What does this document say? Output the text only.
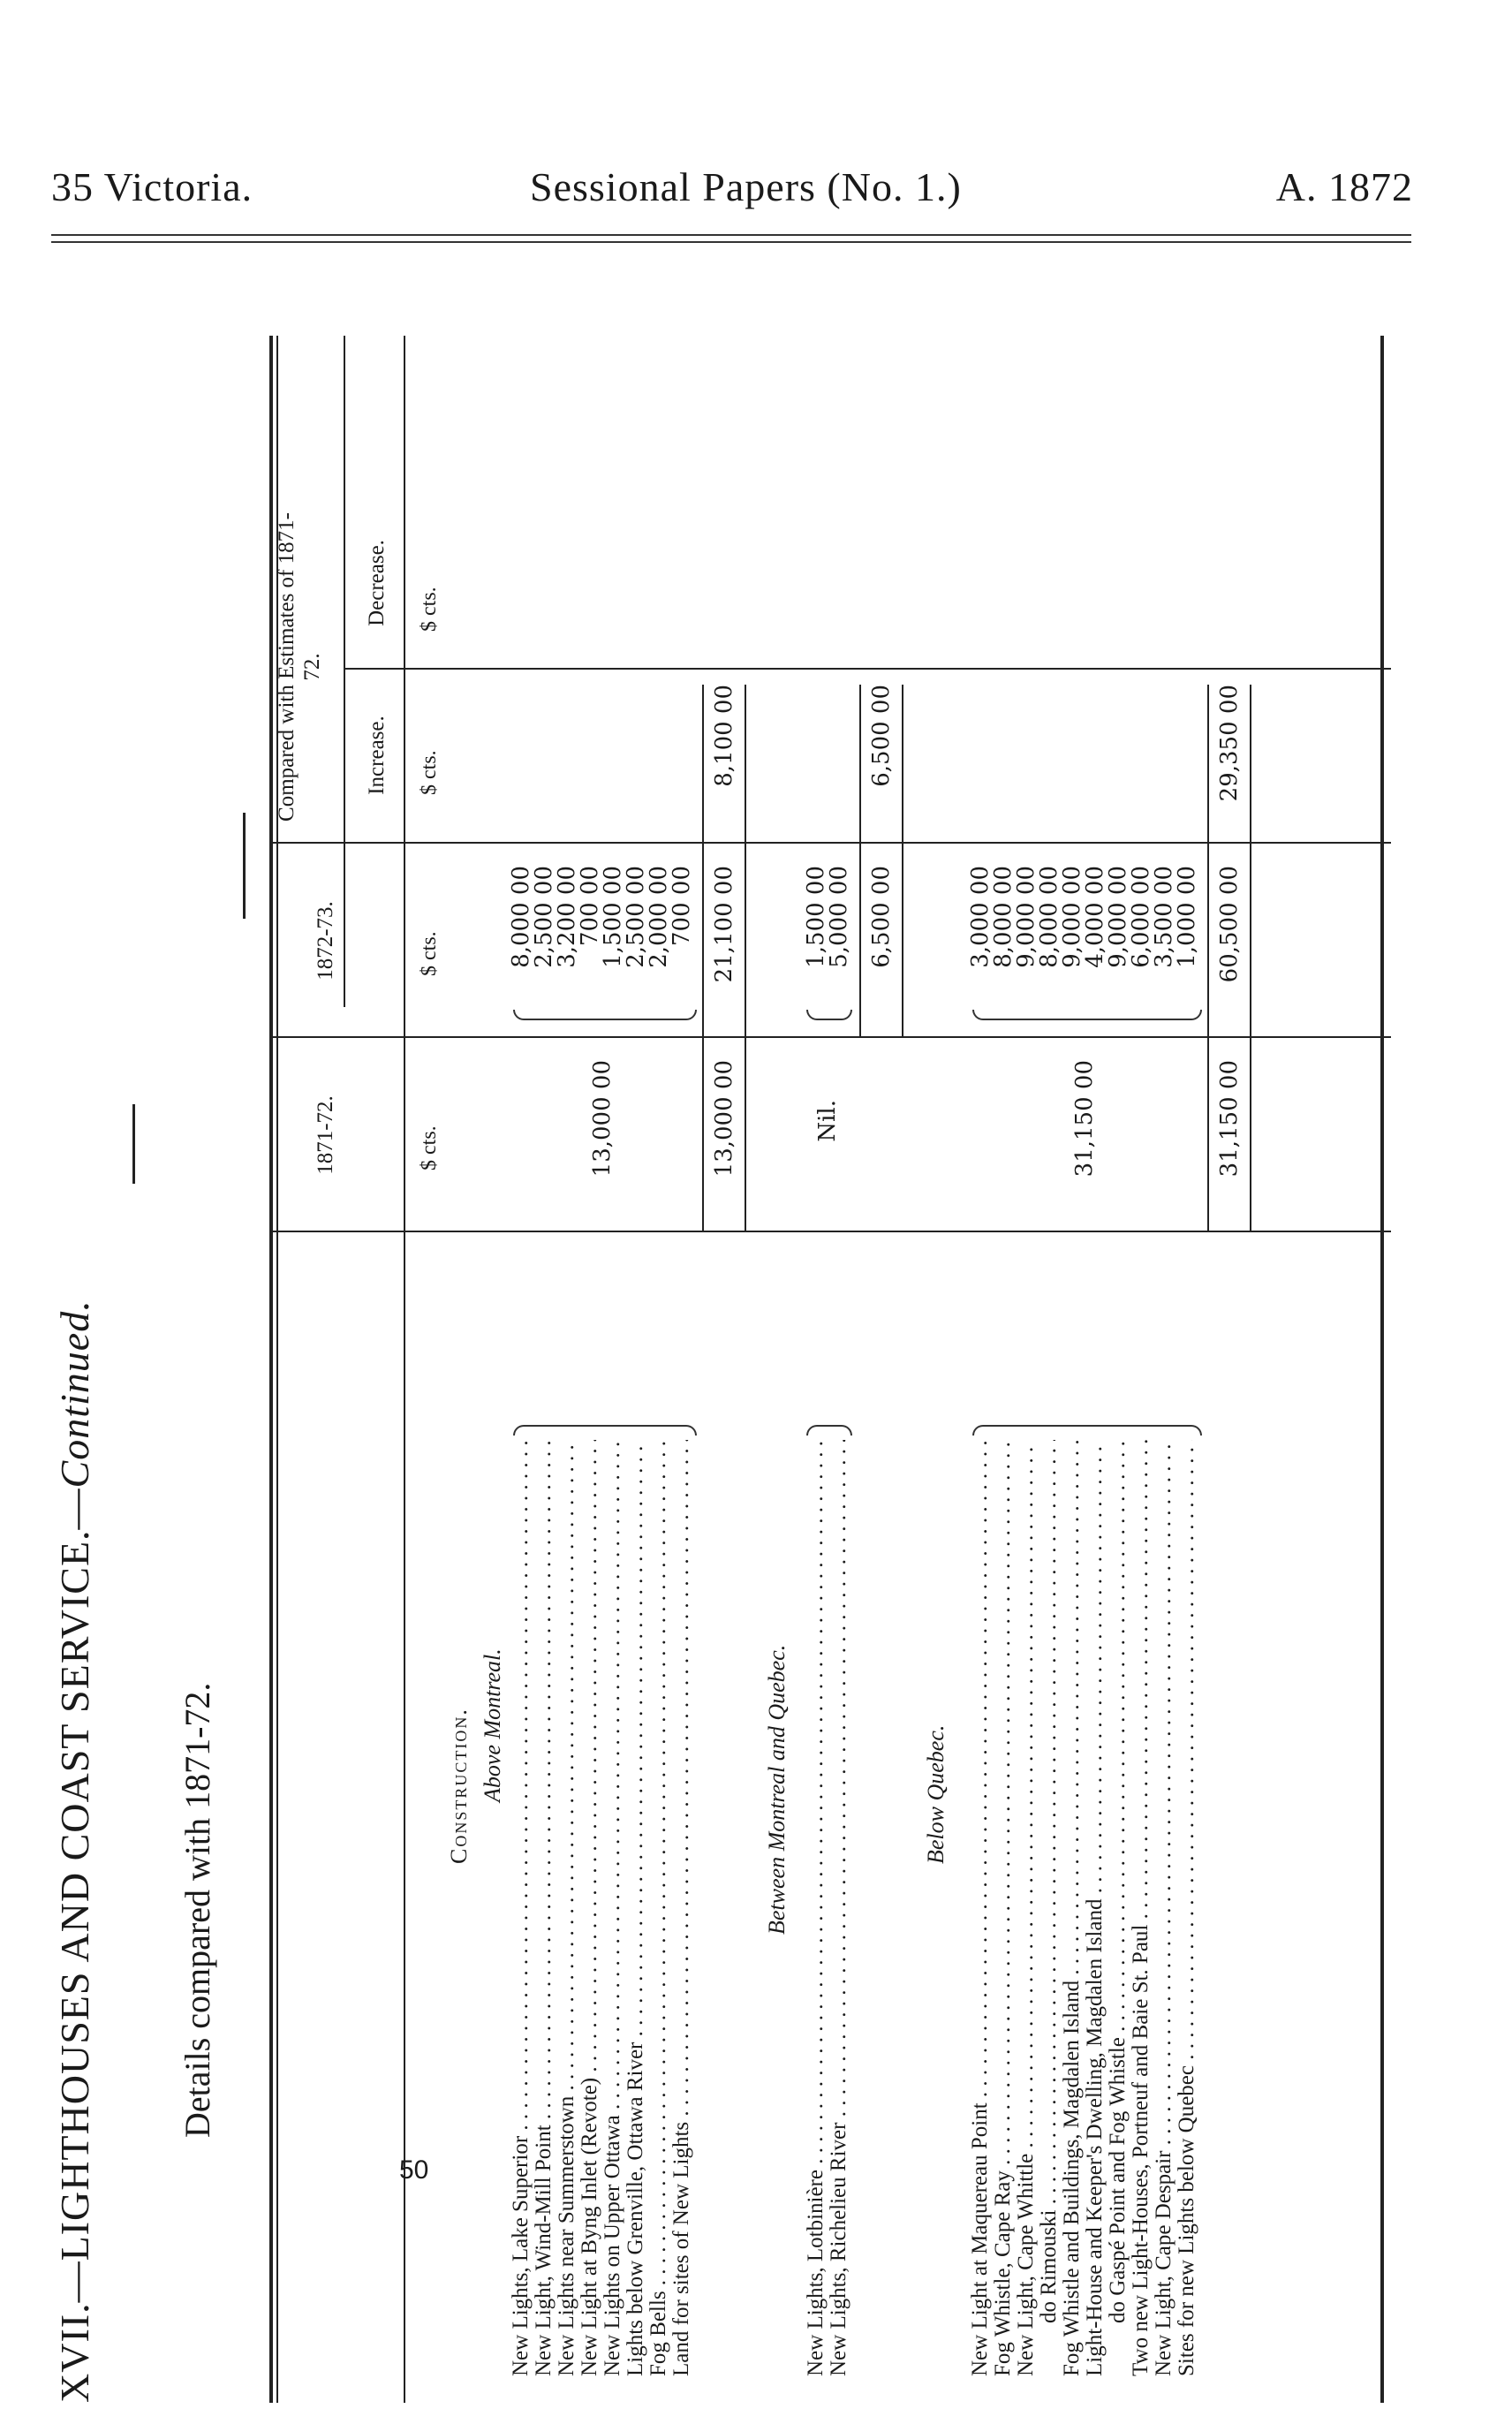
35 Victoria.	Sessional Papers (No. 1.)	A. 1872
XVII.—LIGHTHOUSES AND COAST SERVICE.—Continued.
Details compared with 1871-72.
1871-72.
1872-73.
Compared with Estimates of 1871-72.
Increase.
Decrease.
$ cts.
$ cts.
$ cts.
$ cts.
Construction. Above Montreal.
New Lights, Lake Superior . . . New Light, Wind-Mill Point . . . New Lights near Summerstown . . . New Light at Byng Inlet (Revote) . . . New Lights on Upper Ottawa . . . Lights below Grenville, Ottawa River . . . Fog Bells . . . Land for sites of New Lights . . .
13,000 00
8,000 00
2,500 00
3,200 00
700 00
1,500 00
2,500 00
2,000 00
700 00
13,000 00
21,100 00
8,100 00
Between Montreal and Quebec.
New Lights, Lotbinière . . . New Lights, Richelieu River . . .
Nil.
1,500 00
5,000 00 6,500 00
6,500 00
Below Quebec.
New Light at Maquereau Point . . . Fog Whistle, Cape Ray . . . New Light, Cape Whittle . . . do Rimouski . . . Fog Whistle and Buildings, Magdalen Island . . . Light-House and Keeper's Dwelling, Magdalen Island . . . do Gaspé Point and Fog Whistle . . . Two new Light-Houses, Portneuf and Baie St. Paul . . . New Light, Cape Despair . . . Sites for new Lights below Quebec . . .
31,150 00
3,000 00
8,000 00
9,000 00
8,000 00
9,000 00
4,000 00
9,000 00
6,000 00
3,500 00
1,000 00
31,150 00
60,500 00
29,350 00
50
